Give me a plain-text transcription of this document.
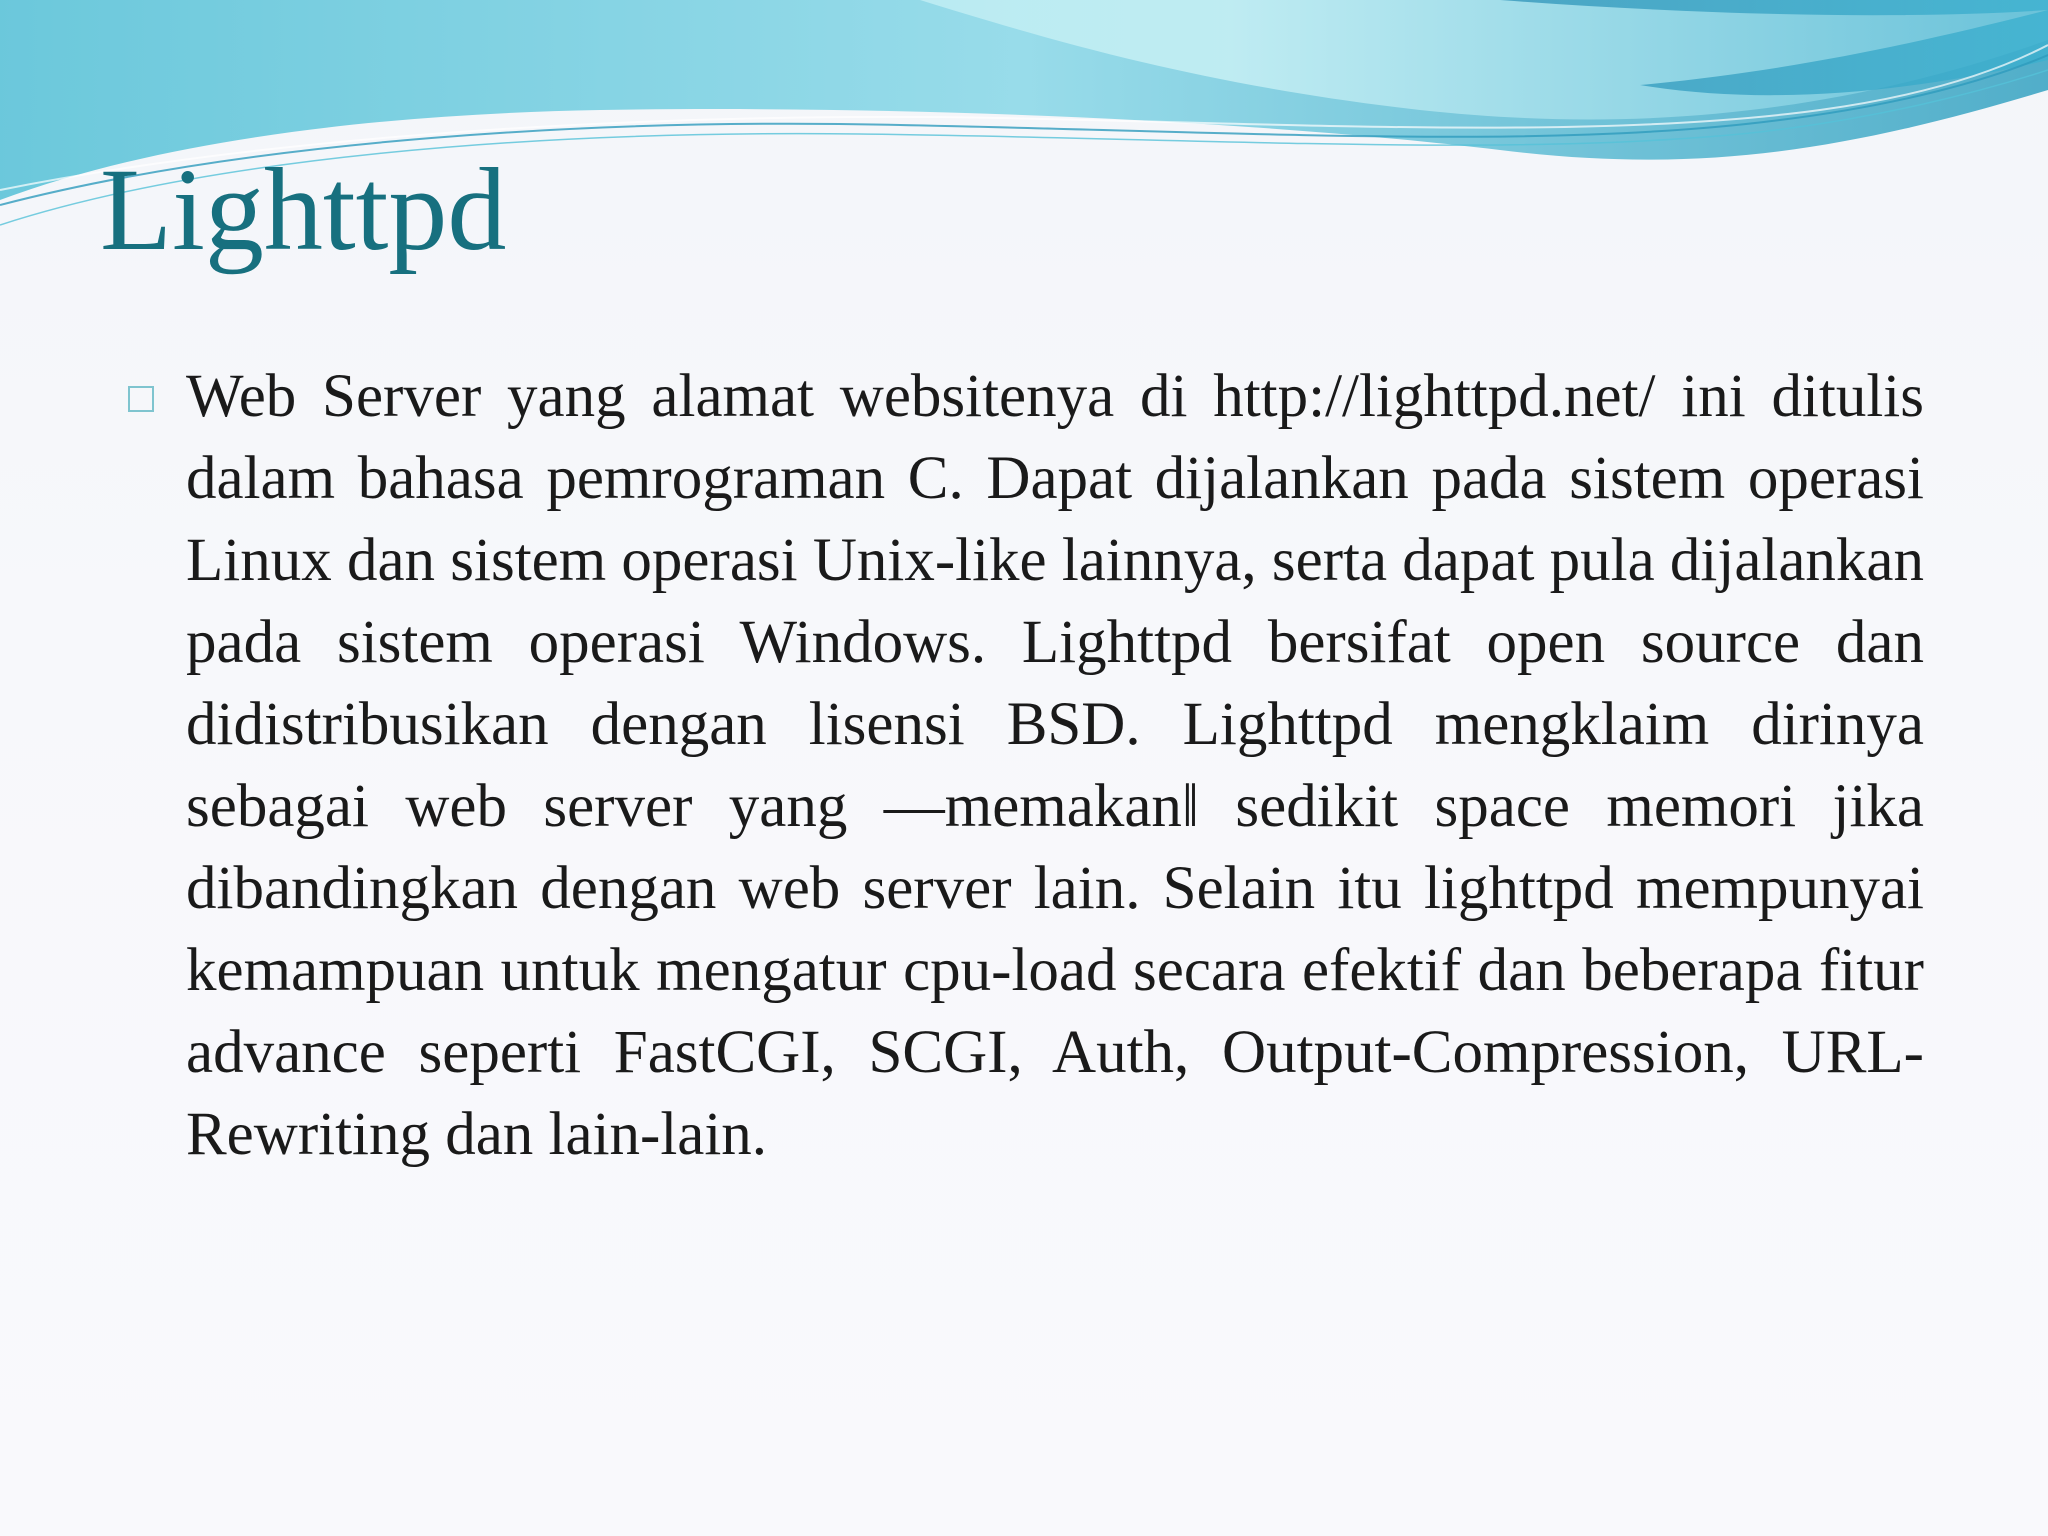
Lighttpd

Web Server yang alamat websitenya di http://lighttpd.net/ ini ditulis dalam bahasa pemrograman C. Dapat dijalankan pada sistem operasi Linux dan sistem operasi Unix-like lainnya, serta dapat pula dijalankan pada sistem operasi Windows. Lighttpd bersifat open source dan didistribusikan dengan lisensi BSD. Lighttpd mengklaim dirinya sebagai web server yang ―memakan‖ sedikit space memori jika dibandingkan dengan web server lain. Selain itu lighttpd mempunyai kemampuan untuk mengatur cpu-load secara efektif dan beberapa fitur advance seperti FastCGI, SCGI, Auth, Output-Compression, URL-Rewriting dan lain-lain.
